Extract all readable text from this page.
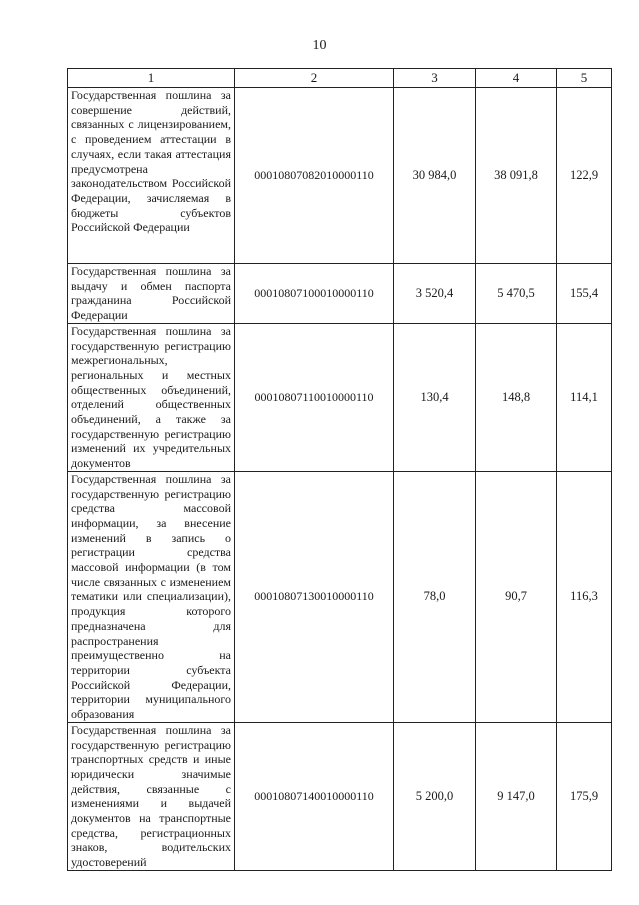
10
1	2	3	4	5
Государственная пошлина за совершение действий, связанных с лицензированием, с проведением аттестации в случаях, если такая аттестация предусмотрена законодательством Российской Федерации, зачисляемая в бюджеты субъектов Российской Федерации	00010807082010000110	30 984,0	38 091,8	122,9
Государственная пошлина за выдачу и обмен паспорта гражданина Российской Федерации	00010807100010000110	3 520,4	5 470,5	155,4
Государственная пошлина за государственную регистрацию межрегиональных, региональных и местных общественных объединений, отделений общественных объединений, а также за государственную регистрацию изменений их учредительных документов	00010807110010000110	130,4	148,8	114,1
Государственная пошлина за государственную регистрацию средства массовой информации, за внесение изменений в запись о регистрации средства массовой информации (в том числе связанных с изменением тематики или специализации), продукция которого предназначена для распространения преимущественно на территории субъекта Российской Федерации, территории муниципального образования	00010807130010000110	78,0	90,7	116,3
Государственная пошлина за государственную регистрацию транспортных средств и иные юридически значимые действия, связанные с изменениями и выдачей документов на транспортные средства, регистрационных знаков, водительских удостоверений	00010807140010000110	5 200,0	9 147,0	175,9
